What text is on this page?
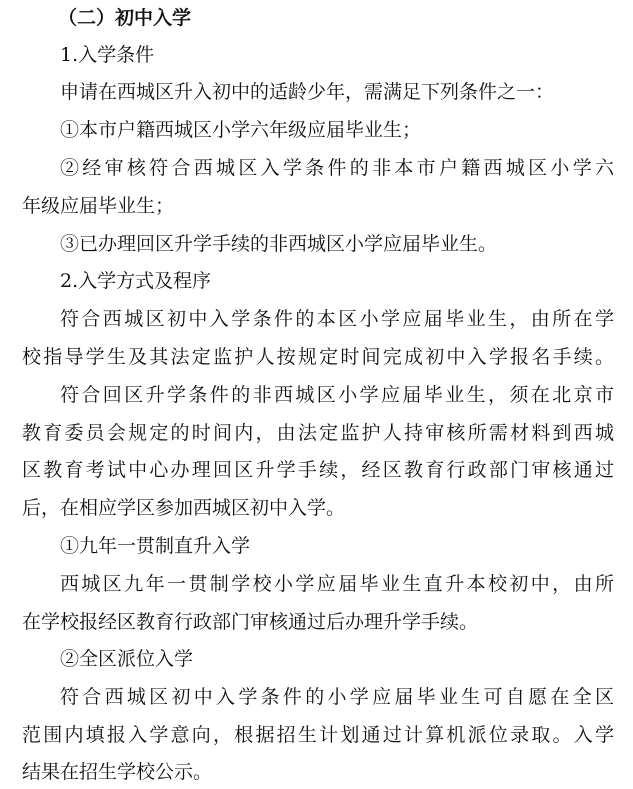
（二）初中入学
1.入学条件
申请在西城区升入初中的适龄少年，需满足下列条件之一：
①本市户籍西城区小学六年级应届毕业生；
②经审核符合西城区入学条件的非本市户籍西城区小学六
年级应届毕业生；
③已办理回区升学手续的非西城区小学应届毕业生。
2.入学方式及程序
符合西城区初中入学条件的本区小学应届毕业生，由所在学
校指导学生及其法定监护人按规定时间完成初中入学报名手续。
符合回区升学条件的非西城区小学应届毕业生，须在北京市
教育委员会规定的时间内，由法定监护人持审核所需材料到西城
区教育考试中心办理回区升学手续，经区教育行政部门审核通过
后，在相应学区参加西城区初中入学。
①九年一贯制直升入学
西城区九年一贯制学校小学应届毕业生直升本校初中，由所
在学校报经区教育行政部门审核通过后办理升学手续。
②全区派位入学
符合西城区初中入学条件的小学应届毕业生可自愿在全区
范围内填报入学意向，根据招生计划通过计算机派位录取。入学
结果在招生学校公示。
